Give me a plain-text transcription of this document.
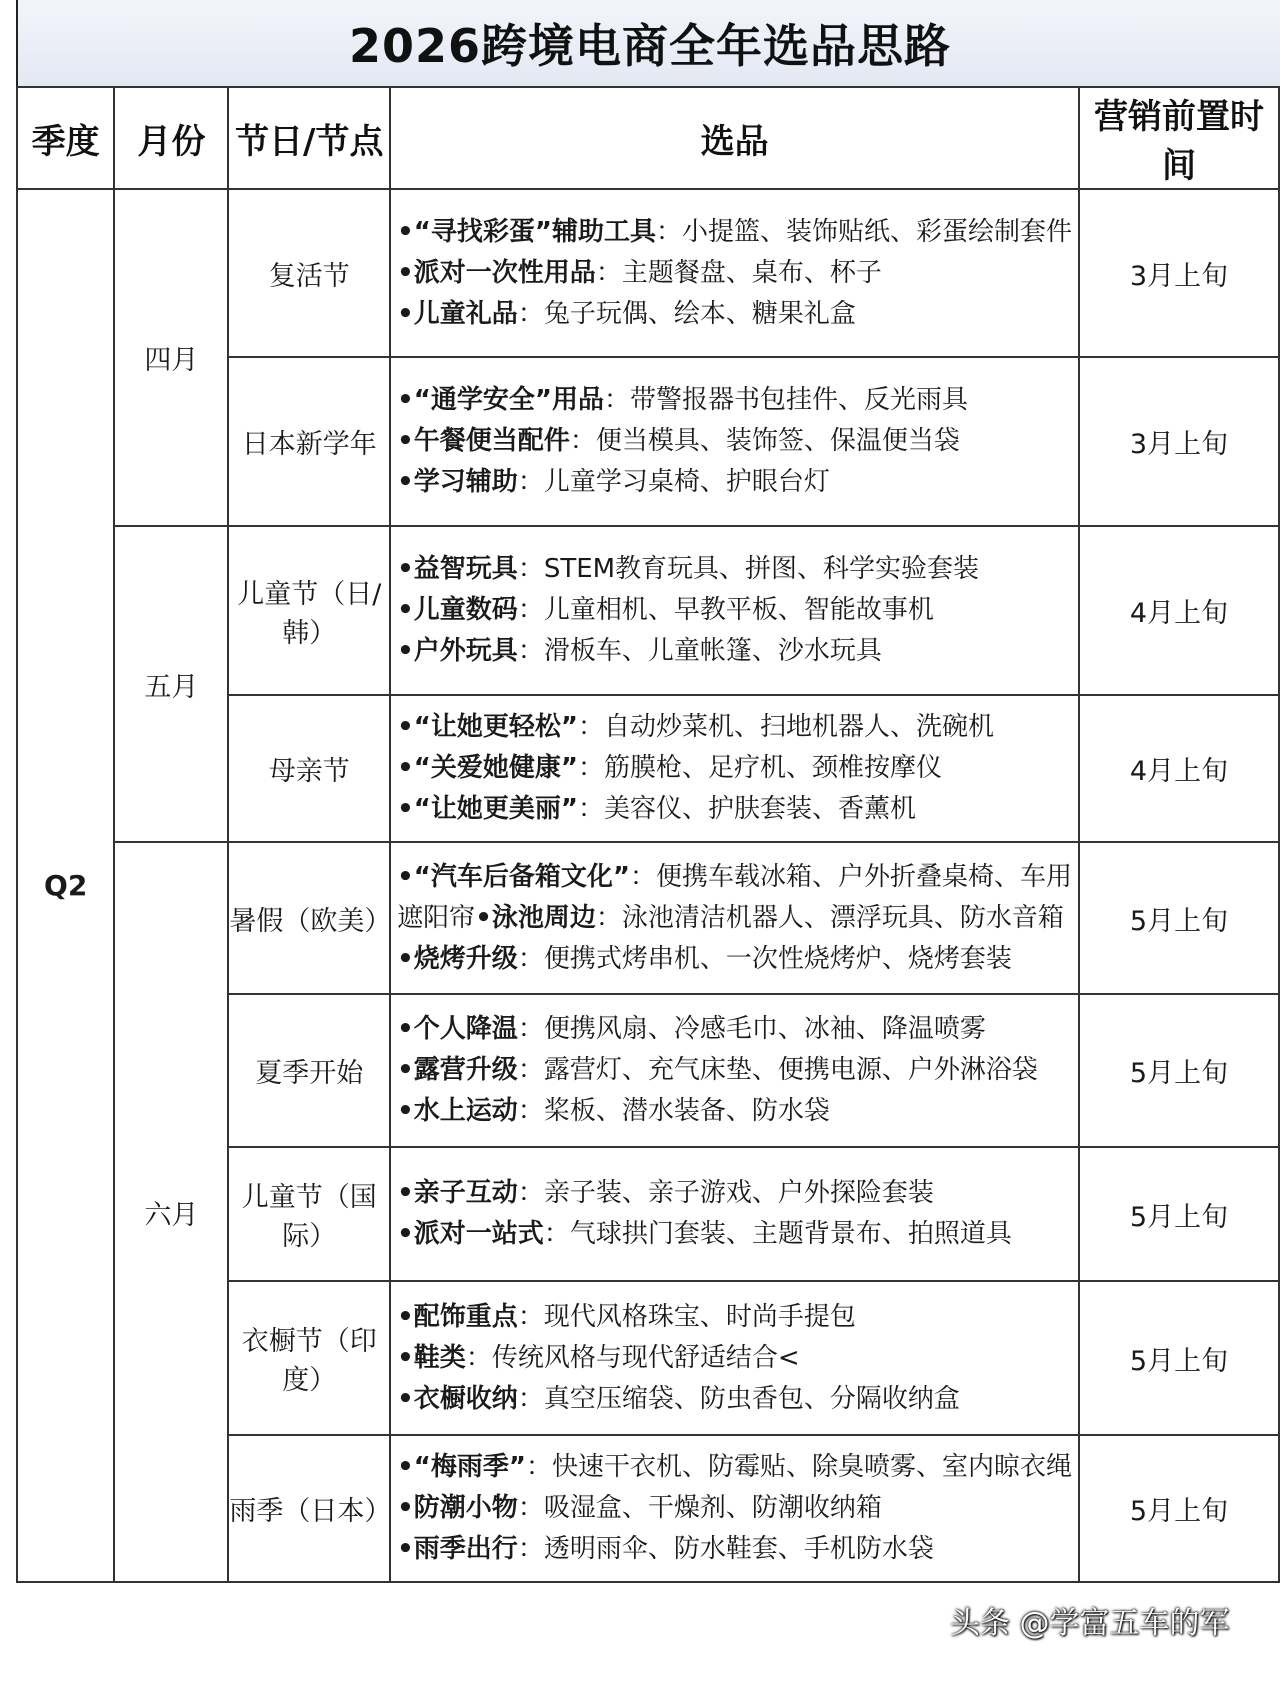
2026跨境电商全年选品思路
季度	月份	节日/节点	选品	营销前置时间
Q2	四月	复活节	•“寻找彩蛋”辅助工具：小提篮、装饰贴纸、彩蛋绘制套件
•派对一次性用品：主题餐盘、桌布、杯子
•儿童礼品：兔子玩偶、绘本、糖果礼盒	3月上旬
		日本新学年	•“通学安全”用品：带警报器书包挂件、反光雨具
•午餐便当配件：便当模具、装饰签、保温便当袋
•学习辅助：儿童学习桌椅、护眼台灯	3月上旬
	五月	儿童节（日/韩）	•益智玩具：STEM教育玩具、拼图、科学实验套装
•儿童数码：儿童相机、早教平板、智能故事机
•户外玩具：滑板车、儿童帐篷、沙水玩具	4月上旬
		母亲节	•“让她更轻松”：自动炒菜机、扫地机器人、洗碗机
•“关爱她健康”：筋膜枪、足疗机、颈椎按摩仪
•“让她更美丽”：美容仪、护肤套装、香薰机	4月上旬
	六月	暑假（欧美）	•“汽车后备箱文化”：便携车载冰箱、户外折叠桌椅、车用遮阳帘•泳池周边：泳池清洁机器人、漂浮玩具、防水音箱
•烧烤升级：便携式烤串机、一次性烧烤炉、烧烤套装	5月上旬
		夏季开始	•个人降温：便携风扇、冷感毛巾、冰袖、降温喷雾
•露营升级：露营灯、充气床垫、便携电源、户外淋浴袋
•水上运动：桨板、潜水装备、防水袋	5月上旬
		儿童节（国际）	•亲子互动：亲子装、亲子游戏、户外探险套装
•派对一站式：气球拱门套装、主题背景布、拍照道具	5月上旬
		衣橱节（印度）	•配饰重点：现代风格珠宝、时尚手提包
•鞋类：传统风格与现代舒适结合<
•衣橱收纳：真空压缩袋、防虫香包、分隔收纳盒	5月上旬
		雨季（日本）	•“梅雨季”：快速干衣机、防霉贴、除臭喷雾、室内晾衣绳
•防潮小物：吸湿盒、干燥剂、防潮收纳箱
•雨季出行：透明雨伞、防水鞋套、手机防水袋	5月上旬
头条 @学富五车的军
